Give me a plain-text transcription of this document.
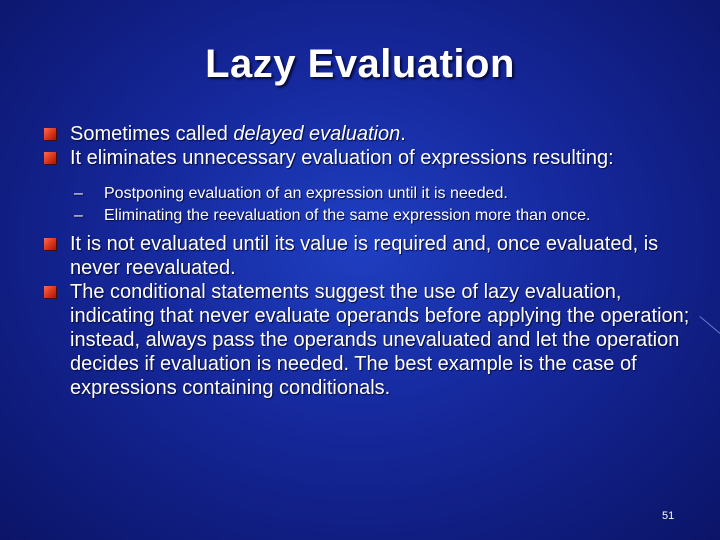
Lazy Evaluation
Sometimes called delayed evaluation.
It eliminates unnecessary evaluation of expressions resulting:
– Postponing evaluation of an expression until it is needed.
– Eliminating the reevaluation of the same expression more than once.
It is not evaluated until its value is required and, once evaluated, is never reevaluated.
The conditional statements suggest the use of lazy evaluation, indicating that never evaluate operands before applying the operation; instead, always pass the operands unevaluated and let the operation decides if evaluation is needed. The best example is the case of expressions containing conditionals.
51
